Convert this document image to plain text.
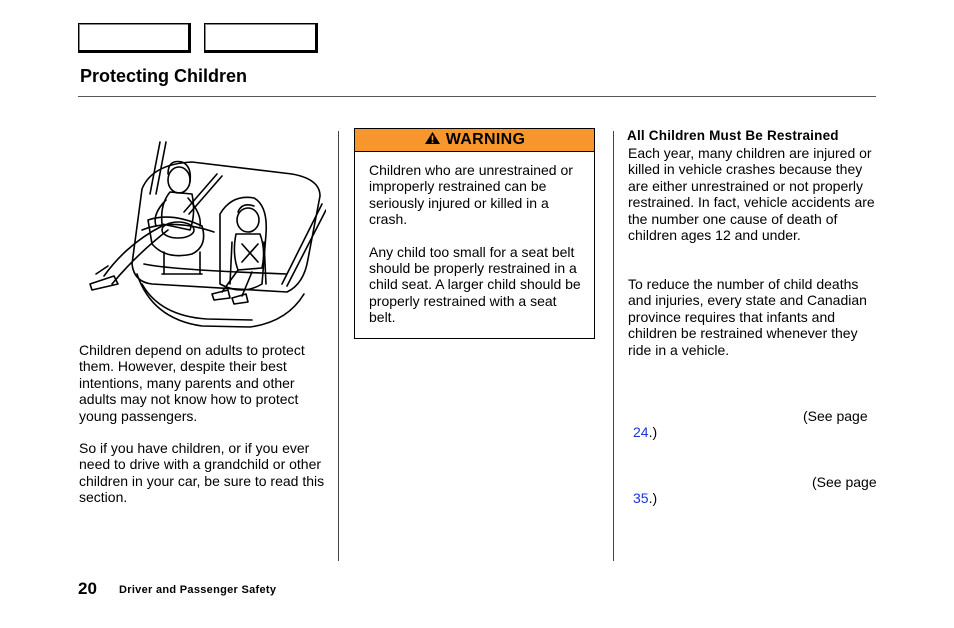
Protecting Children

Children depend on adults to protect them. However, despite their best intentions, many parents and other adults may not know how to protect young passengers.

So if you have children, or if you ever need to drive with a grandchild or other children in your car, be sure to read this section.

WARNING

Children who are unrestrained or improperly restrained can be seriously injured or killed in a crash.

Any child too small for a seat belt should be properly restrained in a child seat. A larger child should be properly restrained with a seat belt.

All Children Must Be Restrained

Each year, many children are injured or killed in vehicle crashes because they are either unrestrained or not properly restrained. In fact, vehicle accidents are the number one cause of death of children ages 12 and under.

To reduce the number of child deaths and injuries, every state and Canadian province requires that infants and children be restrained whenever they ride in a vehicle.

(See page

24.)

(See page

35.)

20 Driver and Passenger Safety
